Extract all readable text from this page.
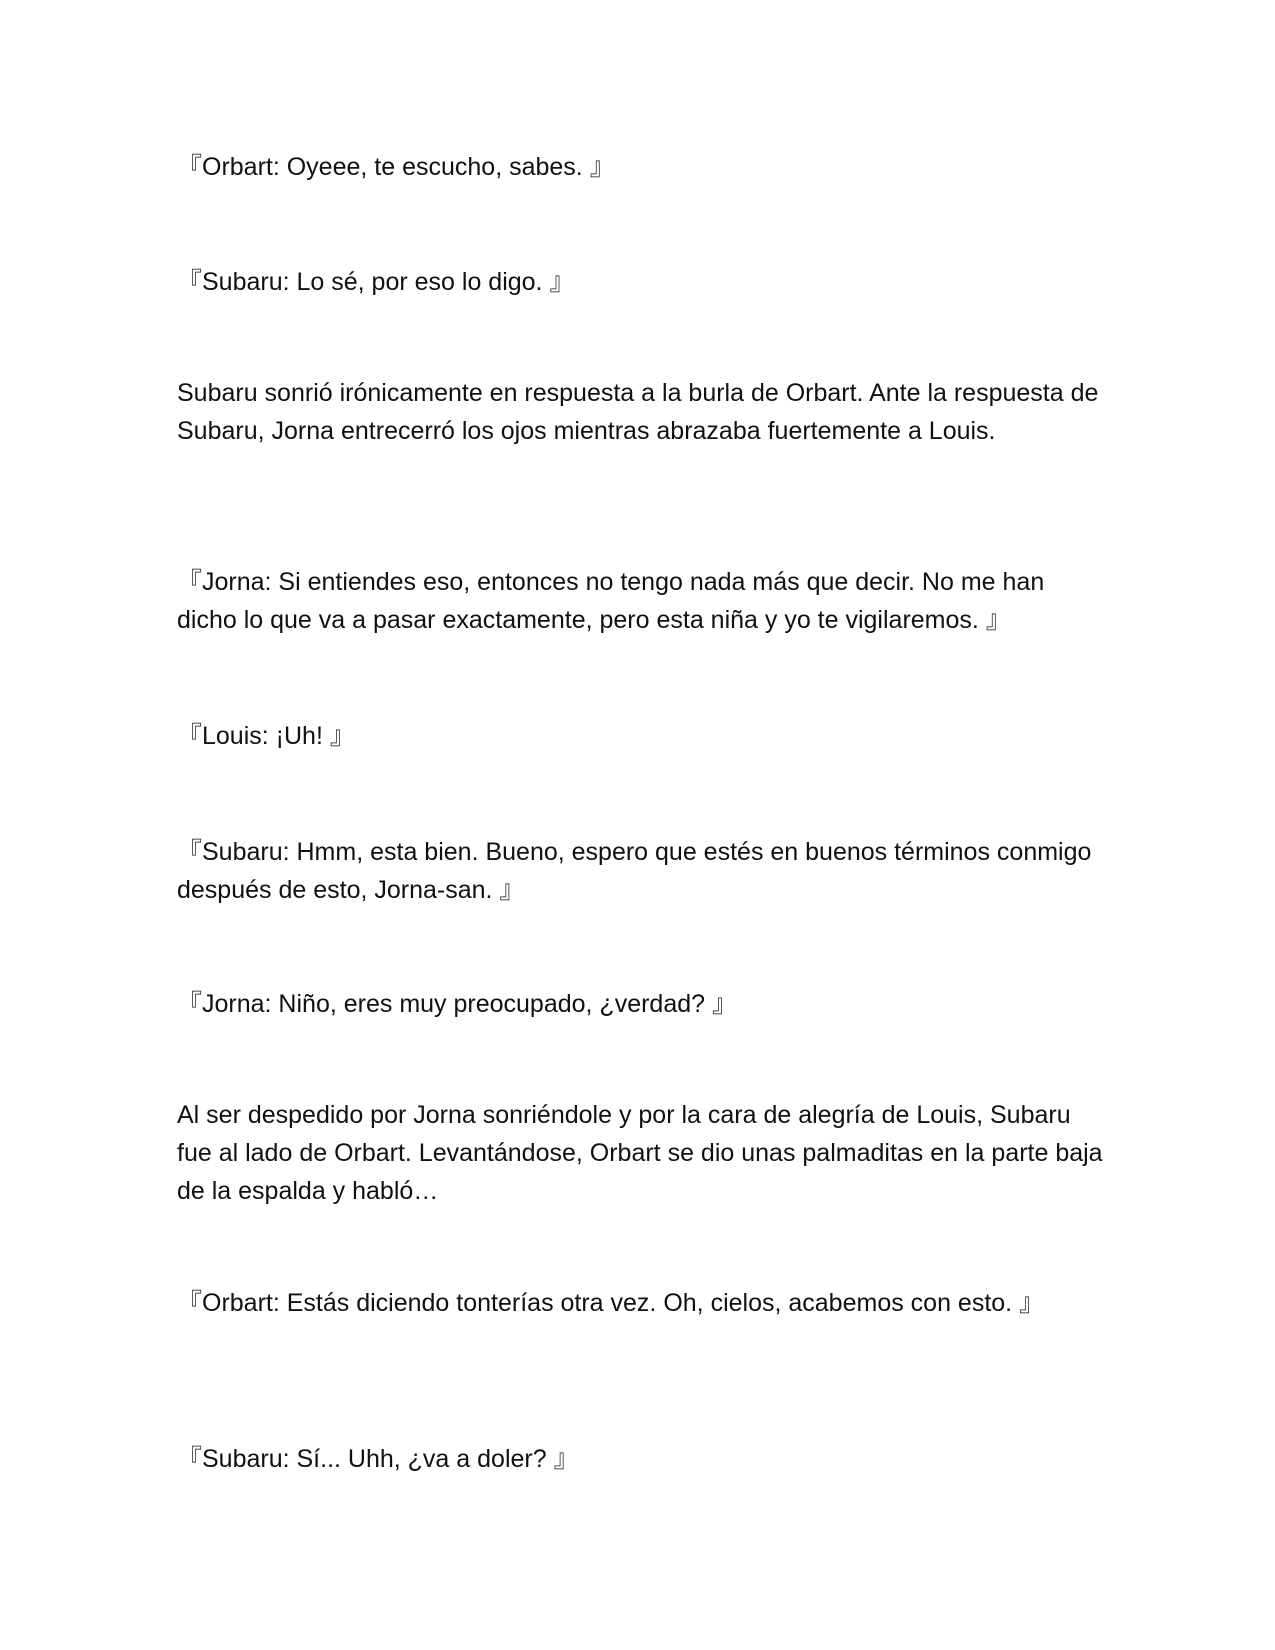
『Orbart: Oyeee, te escucho, sabes. 』

『Subaru: Lo sé, por eso lo digo. 』

Subaru sonrió irónicamente en respuesta a la burla de Orbart. Ante la respuesta de Subaru, Jorna entrecerró los ojos mientras abrazaba fuertemente a Louis.

『Jorna: Si entiendes eso, entonces no tengo nada más que decir. No me han dicho lo que va a pasar exactamente, pero esta niña y yo te vigilaremos. 』

『Louis: ¡Uh! 』

『Subaru: Hmm, esta bien. Bueno, espero que estés en buenos términos conmigo después de esto, Jorna-san. 』

『Jorna: Niño, eres muy preocupado, ¿verdad? 』

Al ser despedido por Jorna sonriéndole y por la cara de alegría de Louis, Subaru fue al lado de Orbart. Levantándose, Orbart se dio unas palmaditas en la parte baja de la espalda y habló…

『Orbart: Estás diciendo tonterías otra vez. Oh, cielos, acabemos con esto. 』

『Subaru: Sí... Uhh, ¿va a doler? 』
